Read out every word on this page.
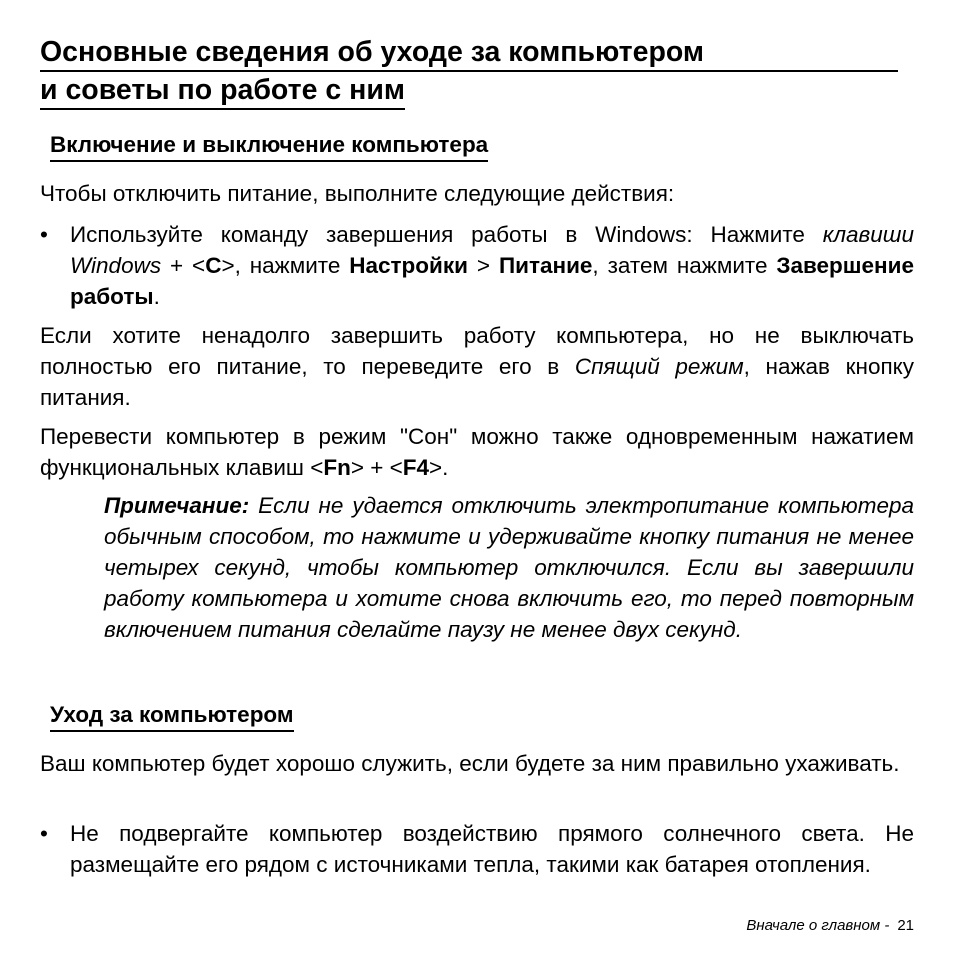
Основные сведения об уходе за компьютером
и советы по работе с ним
Включение и выключение компьютера

Чтобы отключить питание, выполните следующие действия:

• Используйте команду завершения работы в Windows: Нажмите клавиши Windows + <C>, нажмите Настройки > Питание, затем нажмите Завершение работы.

Если хотите ненадолго завершить работу компьютера, но не выключать полностью его питание, то переведите его в Спящий режим, нажав кнопку питания.

Перевести компьютер в режим "Сон" можно также одновременным нажатием функциональных клавиш <Fn> + <F4>.

Примечание: Если не удается отключить электропитание компьютера обычным способом, то нажмите и удерживайте кнопку питания не менее четырех секунд, чтобы компьютер отключился. Если вы завершили работу компьютера и хотите снова включить его, то перед повторным включением питания сделайте паузу не менее двух секунд.

Уход за компьютером

Ваш компьютер будет хорошо служить, если будете за ним правильно ухаживать.

• Не подвергайте компьютер воздействию прямого солнечного света. Не размещайте его рядом с источниками тепла, такими как батарея отопления.

Вначале о главном - 21
